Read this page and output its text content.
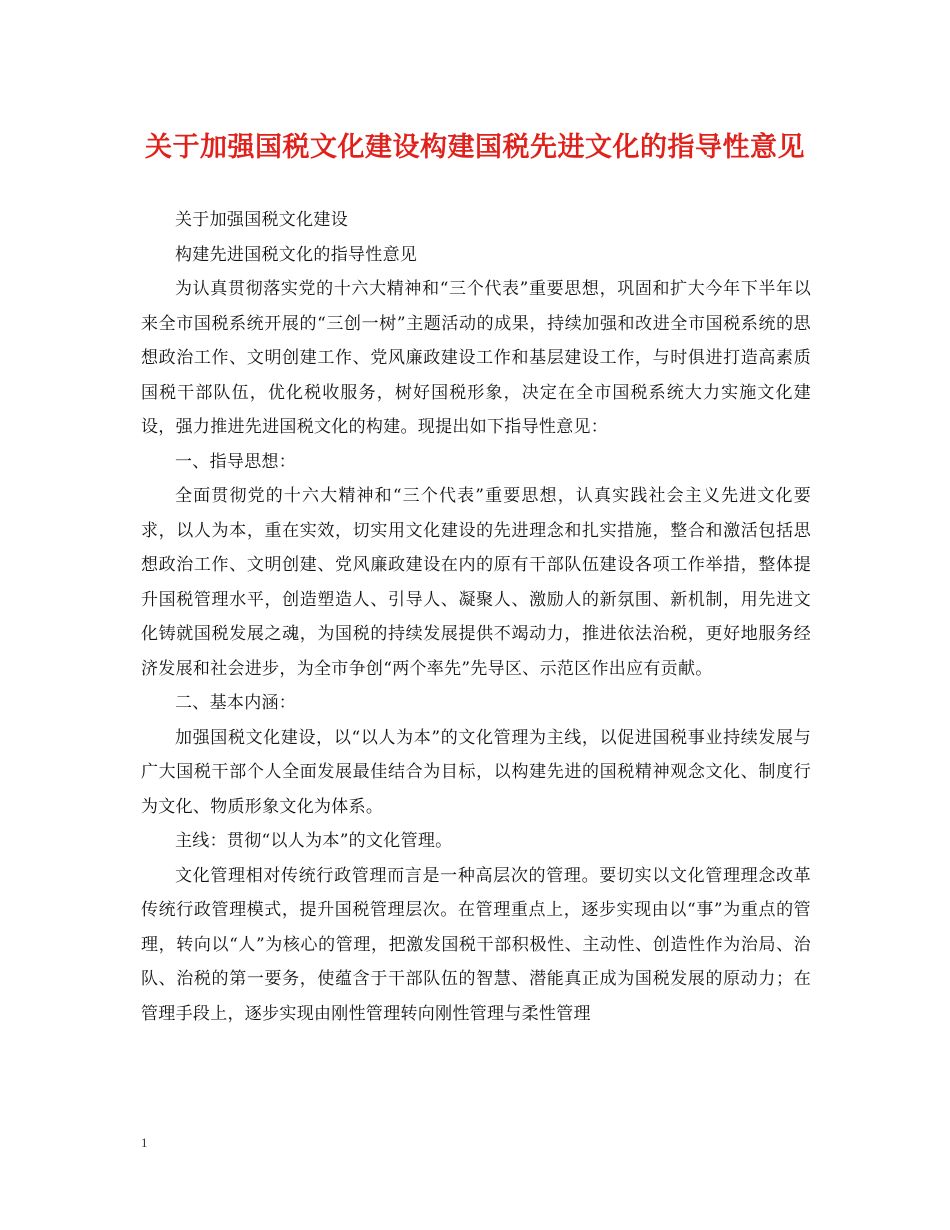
关于加强国税文化建设构建国税先进文化的指导性意见

关于加强国税文化建设

构建先进国税文化的指导性意见

为认真贯彻落实党的十六大精神和“三个代表”重要思想，巩固和扩大今年下半年以来全市国税系统开展的“三创一树”主题活动的成果，持续加强和改进全市国税系统的思想政治工作、文明创建工作、党风廉政建设工作和基层建设工作，与时俱进打造高素质国税干部队伍，优化税收服务，树好国税形象，决定在全市国税系统大力实施文化建设，强力推进先进国税文化的构建。现提出如下指导性意见：

一、指导思想：

全面贯彻党的十六大精神和“三个代表”重要思想，认真实践社会主义先进文化要求，以人为本，重在实效，切实用文化建设的先进理念和扎实措施，整合和激活包括思想政治工作、文明创建、党风廉政建设在内的原有干部队伍建设各项工作举措，整体提升国税管理水平，创造塑造人、引导人、凝聚人、激励人的新氛围、新机制，用先进文化铸就国税发展之魂，为国税的持续发展提供不竭动力，推进依法治税，更好地服务经济发展和社会进步，为全市争创“两个率先”先导区、示范区作出应有贡献。

二、基本内涵：

加强国税文化建设，以“以人为本”的文化管理为主线，以促进国税事业持续发展与广大国税干部个人全面发展最佳结合为目标，以构建先进的国税精神观念文化、制度行为文化、物质形象文化为体系。

主线：贯彻“以人为本”的文化管理。

文化管理相对传统行政管理而言是一种高层次的管理。要切实以文化管理理念改革传统行政管理模式，提升国税管理层次。在管理重点上，逐步实现由以“事”为重点的管理，转向以“人”为核心的管理，把激发国税干部积极性、主动性、创造性作为治局、治队、治税的第一要务，使蕴含于干部队伍的智慧、潜能真正成为国税发展的原动力；在管理手段上，逐步实现由刚性管理转向刚性管理与柔性管理

1
